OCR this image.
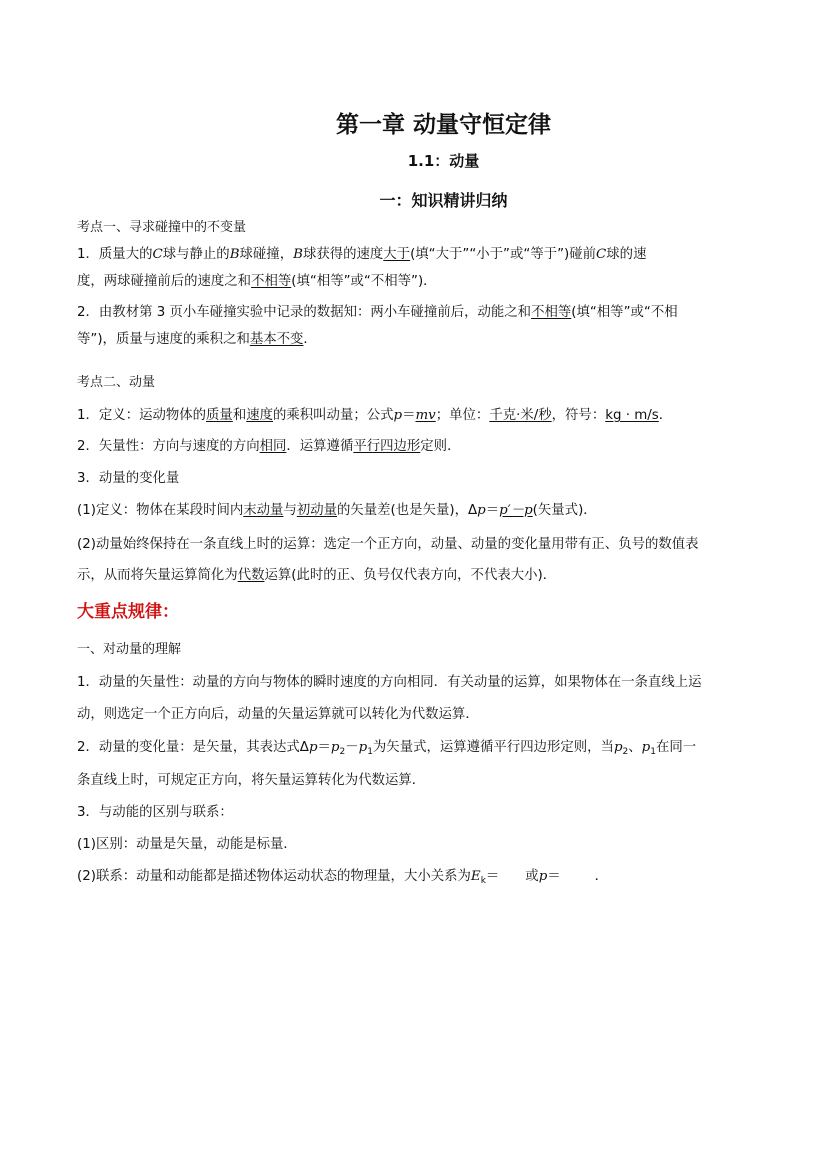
第一章 动量守恒定律
1.1：动量
一：知识精讲归纳
考点一、寻求碰撞中的不变量
1．质量大的C球与静止的B球碰撞，B球获得的速度大于(填“大于”“小于”或“等于”)碰前C球的速
度，两球碰撞前后的速度之和不相等(填“相等”或“不相等”)．
2．由教材第 3 页小车碰撞实验中记录的数据知：两小车碰撞前后，动能之和不相等(填“相等”或“不相
等”)，质量与速度的乘积之和基本不变．
考点二、动量
1．定义：运动物体的质量和速度的乘积叫动量；公式p＝mv；单位：千克·米/秒，符号：kg · m/s．
2．矢量性：方向与速度的方向相同．运算遵循平行四边形定则．
3．动量的变化量
(1)定义：物体在某段时间内末动量与初动量的矢量差(也是矢量)，Δp＝p′－p(矢量式)．
(2)动量始终保持在一条直线上时的运算：选定一个正方向，动量、动量的变化量用带有正、负号的数值表
示，从而将矢量运算简化为代数运算(此时的正、负号仅代表方向，不代表大小)．
大重点规律：
一、对动量的理解
1．动量的矢量性：动量的方向与物体的瞬时速度的方向相同．有关动量的运算，如果物体在一条直线上运
动，则选定一个正方向后，动量的矢量运算就可以转化为代数运算．
2．动量的变化量：是矢量，其表达式$\Delta p=p_2-p_1$为矢量式，运算遵循平行四边形定则，当$p_2$、$p_1$在同一
条直线上时，可规定正方向，将矢量运算转化为代数运算．
3．与动能的区别与联系：
(1)区别：动量是矢量，动能是标量．
(2)联系：动量和动能都是描述物体运动状态的物理量，大小关系为$E_k=$ 或p＝	．
